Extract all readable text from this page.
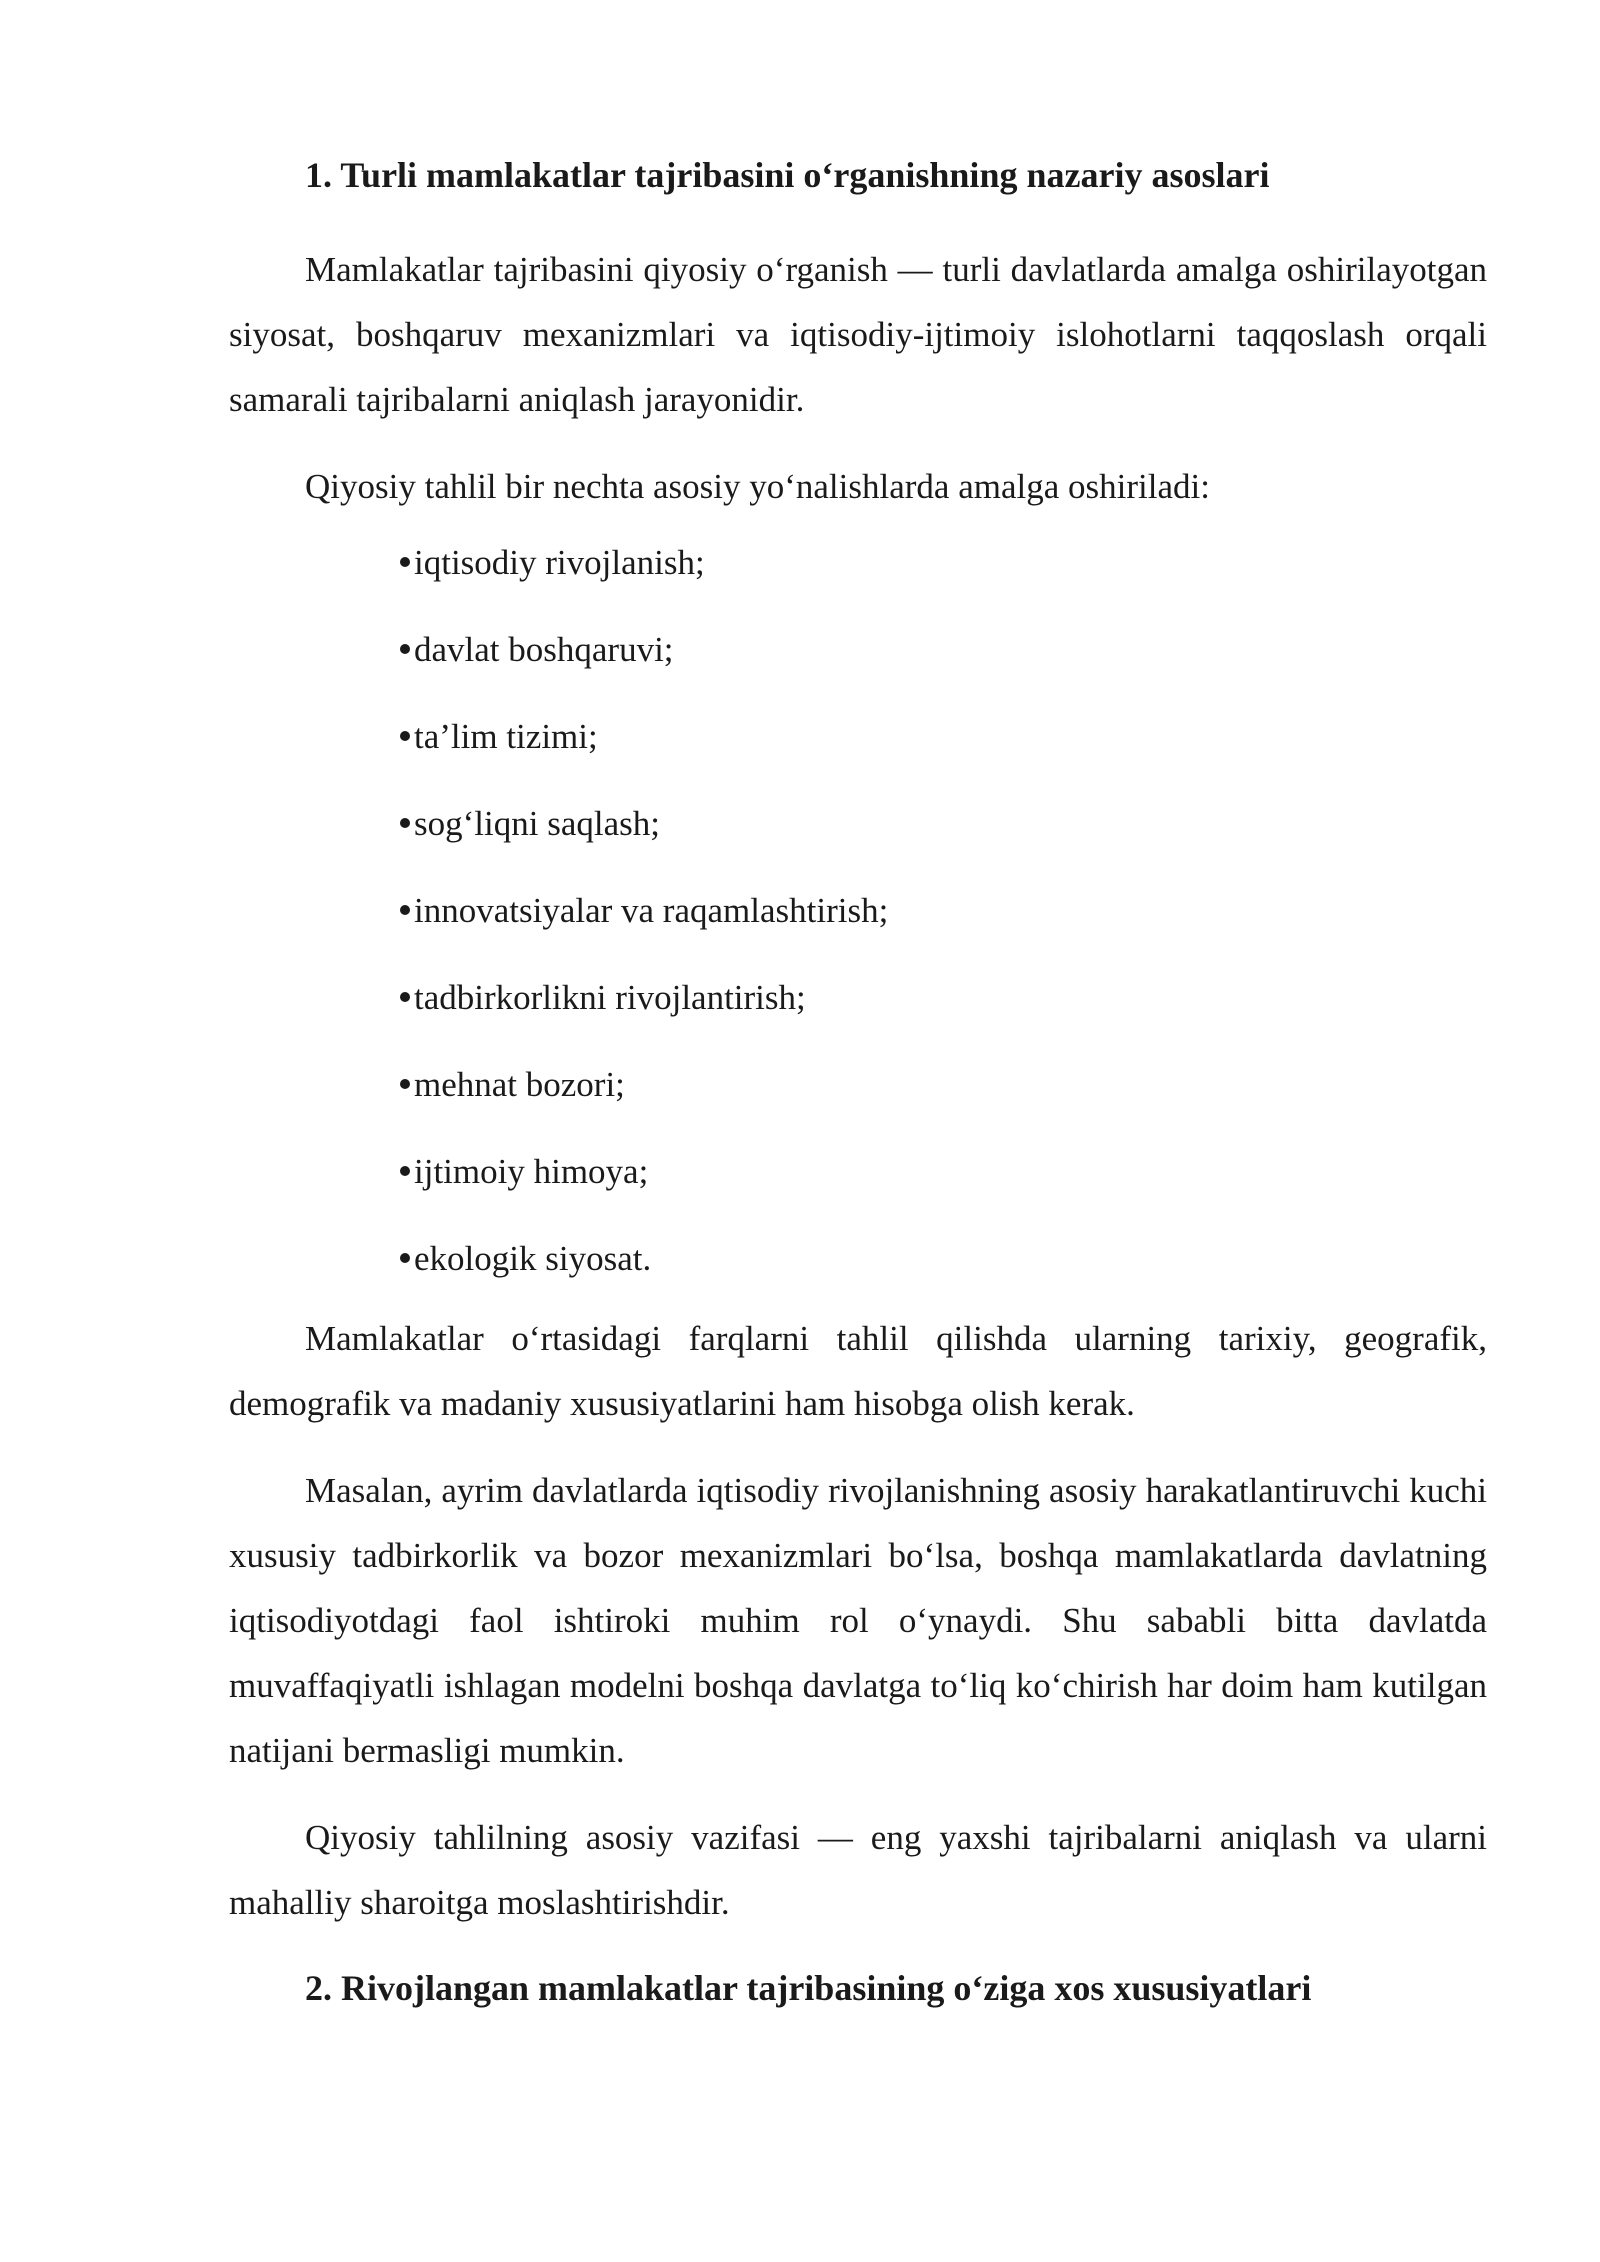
1. Turli mamlakatlar tajribasini o‘rganishning nazariy asoslari

Mamlakatlar tajribasini qiyosiy o‘rganish — turli davlatlarda amalga oshirilayotgan siyosat, boshqaruv mexanizmlari va iqtisodiy-ijtimoiy islohotlarni taqqoslash orqali samarali tajribalarni aniqlash jarayonidir.

Qiyosiy tahlil bir nechta asosiy yo‘nalishlarda amalga oshiriladi:

iqtisodiy rivojlanish;
davlat boshqaruvi;
ta’lim tizimi;
sog‘liqni saqlash;
innovatsiyalar va raqamlashtirish;
tadbirkorlikni rivojlantirish;
mehnat bozori;
ijtimoiy himoya;
ekologik siyosat.

Mamlakatlar o‘rtasidagi farqlarni tahlil qilishda ularning tarixiy, geografik, demografik va madaniy xususiyatlarini ham hisobga olish kerak.

Masalan, ayrim davlatlarda iqtisodiy rivojlanishning asosiy harakatlantiruvchi kuchi xususiy tadbirkorlik va bozor mexanizmlari bo‘lsa, boshqa mamlakatlarda davlatning iqtisodiyotdagi faol ishtiroki muhim rol o‘ynaydi. Shu sababli bitta davlatda muvaffaqiyatli ishlagan modelni boshqa davlatga to‘liq ko‘chirish har doim ham kutilgan natijani bermasligi mumkin.

Qiyosiy tahlilning asosiy vazifasi — eng yaxshi tajribalarni aniqlash va ularni mahalliy sharoitga moslashtirishdir.

2. Rivojlangan mamlakatlar tajribasining o‘ziga xos xususiyatlari
